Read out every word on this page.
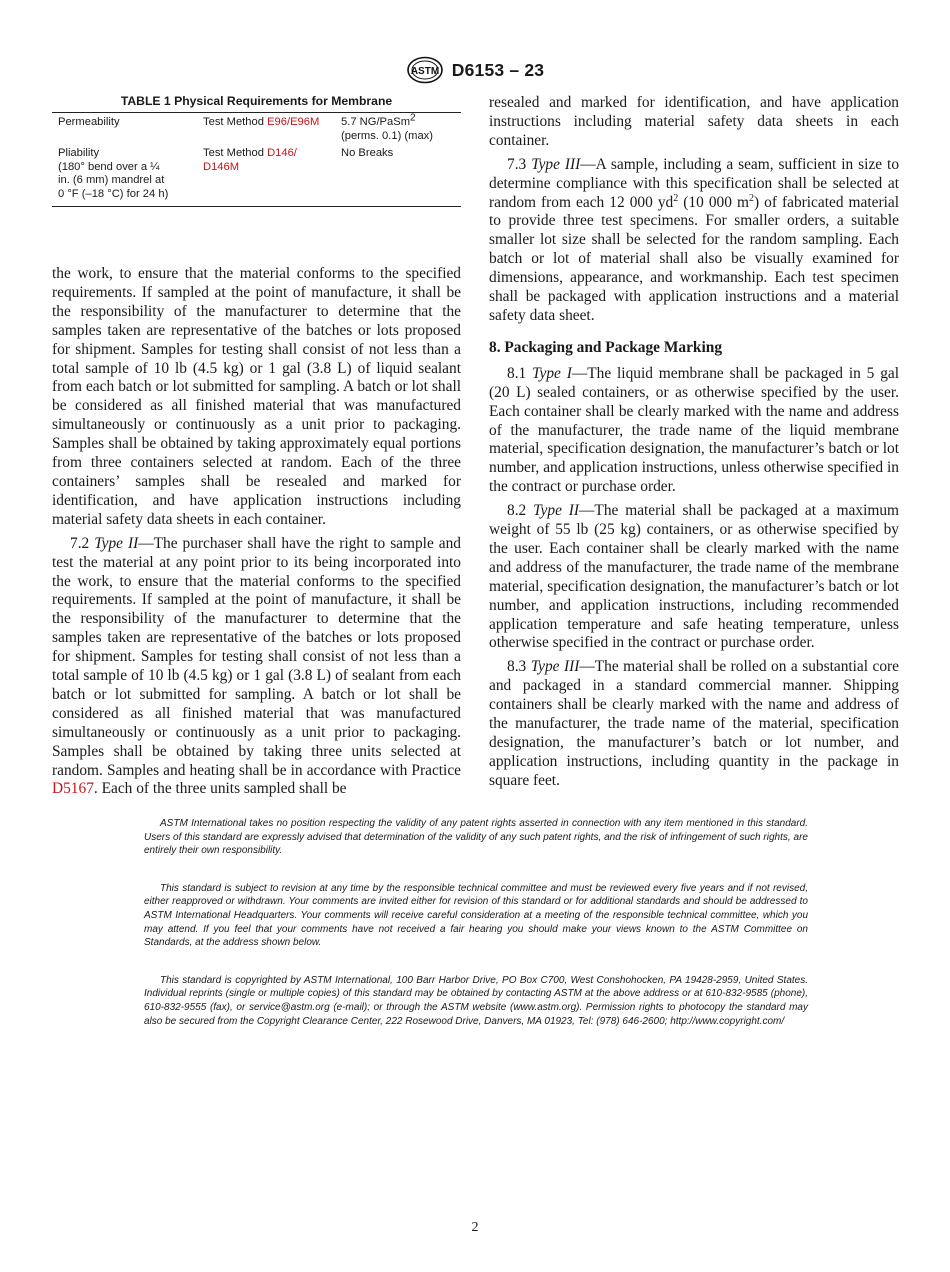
ASTM D6153 – 23
TABLE 1 Physical Requirements for Membrane
Permeability	Test Method E96/E96M	5.7 NG/PaSm$^2$
(perms. 0.1) (max)
Pliability
(180° bend over a ¼
in. (6 mm) mandrel at
0 °F (–18 °C) for 24 h)	Test Method D146/
D146M	No Breaks

the work, to ensure that the material conforms to the specified requirements. If sampled at the point of manufacture, it shall be the responsibility of the manufacturer to determine that the samples taken are representative of the batches or lots proposed for shipment. Samples for testing shall consist of not less than a total sample of 10 lb (4.5 kg) or 1 gal (3.8 L) of liquid sealant from each batch or lot submitted for sampling. A batch or lot shall be considered as all finished material that was manufactured simultaneously or continuously as a unit prior to packaging. Samples shall be obtained by taking approximately equal portions from three containers selected at random. Each of the three containers’ samples shall be resealed and marked for identification, and have application instructions including material safety data sheets in each container.

7.2 Type II—The purchaser shall have the right to sample and test the material at any point prior to its being incorporated into the work, to ensure that the material conforms to the specified requirements. If sampled at the point of manufacture, it shall be the responsibility of the manufacturer to determine that the samples taken are representative of the batches or lots proposed for shipment. Samples for testing shall consist of not less than a total sample of 10 lb (4.5 kg) or 1 gal (3.8 L) of sealant from each batch or lot submitted for sampling. A batch or lot shall be considered as all finished material that was manufactured simultaneously or continuously as a unit prior to packaging. Samples shall be obtained by taking three units selected at random. Samples and heating shall be in accordance with Practice D5167. Each of the three units sampled shall be

resealed and marked for identification, and have application instructions including material safety data sheets in each container.

7.3 Type III—A sample, including a seam, sufficient in size to determine compliance with this specification shall be selected at random from each 12 000 $yd^2$ (10 000 $m^2$) of fabricated material to provide three test specimens. For smaller orders, a suitable smaller lot size shall be selected for the random sampling. Each batch or lot of material shall also be visually examined for dimensions, appearance, and workmanship. Each test specimen shall be packaged with application instructions and a material safety data sheet.

8. Packaging and Package Marking

8.1 Type I—The liquid membrane shall be packaged in 5 gal (20 L) sealed containers, or as otherwise specified by the user. Each container shall be clearly marked with the name and address of the manufacturer, the trade name of the liquid membrane material, specification designation, the manufacturer’s batch or lot number, and application instructions, unless otherwise specified in the contract or purchase order.

8.2 Type II—The material shall be packaged at a maximum weight of 55 lb (25 kg) containers, or as otherwise specified by the user. Each container shall be clearly marked with the name and address of the manufacturer, the trade name of the membrane material, specification designation, the manufacturer’s batch or lot number, and application instructions, including recommended application temperature and safe heating temperature, unless otherwise specified in the contract or purchase order.

8.3 Type III—The material shall be rolled on a substantial core and packaged in a standard commercial manner. Shipping containers shall be clearly marked with the name and address of the manufacturer, the trade name of the material, specification designation, the manufacturer’s batch or lot number, and application instructions, including quantity in the package in square feet.

ASTM International takes no position respecting the validity of any patent rights asserted in connection with any item mentioned in this standard. Users of this standard are expressly advised that determination of the validity of any such patent rights, and the risk of infringement of such rights, are entirely their own responsibility.

This standard is subject to revision at any time by the responsible technical committee and must be reviewed every five years and if not revised, either reapproved or withdrawn. Your comments are invited either for revision of this standard or for additional standards and should be addressed to ASTM International Headquarters. Your comments will receive careful consideration at a meeting of the responsible technical committee, which you may attend. If you feel that your comments have not received a fair hearing you should make your views known to the ASTM Committee on Standards, at the address shown below.

This standard is copyrighted by ASTM International, 100 Barr Harbor Drive, PO Box C700, West Conshohocken, PA 19428-2959, United States. Individual reprints (single or multiple copies) of this standard may be obtained by contacting ASTM at the above address or at 610-832-9585 (phone), 610-832-9555 (fax), or service@astm.org (e-mail); or through the ASTM website (www.astm.org). Permission rights to photocopy the standard may also be secured from the Copyright Clearance Center, 222 Rosewood Drive, Danvers, MA 01923, Tel: (978) 646-2600; http://www.copyright.com/

2
